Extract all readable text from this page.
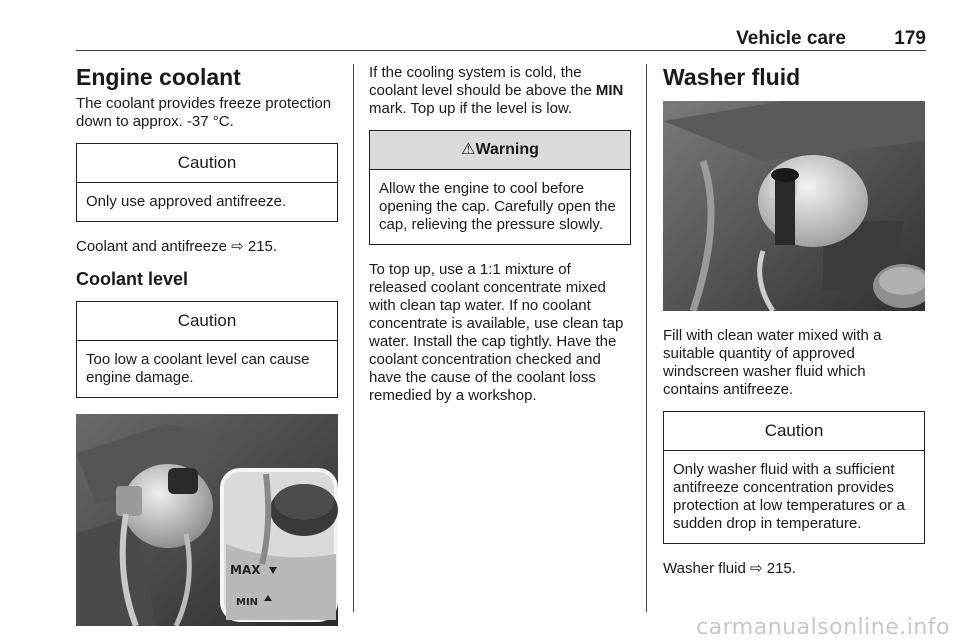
Vehicle care	179
Engine coolant

The coolant provides freeze protection down to approx. -37 °C.

Caution
Only use approved antifreeze.

Coolant and antifreeze ⇨ 215.

Coolant level
Caution
Too low a coolant level can cause engine damage.
MAX
MIN

If the cooling system is cold, the coolant level should be above the MIN mark. Top up if the level is low.

⚠Warning
Allow the engine to cool before opening the cap. Carefully open the cap, relieving the pressure slowly.

To top up, use a 1:1 mixture of released coolant concentrate mixed with clean tap water. If no coolant concentrate is available, use clean tap water. Install the cap tightly. Have the coolant concentration checked and have the cause of the coolant loss remedied by a workshop.

Washer fluid

Fill with clean water mixed with a suitable quantity of approved windscreen washer fluid which contains antifreeze.

Caution
Only washer fluid with a sufficient antifreeze concentration provides protection at low temperatures or a sudden drop in temperature.

Washer fluid ⇨ 215.

carmanualsonline.info
